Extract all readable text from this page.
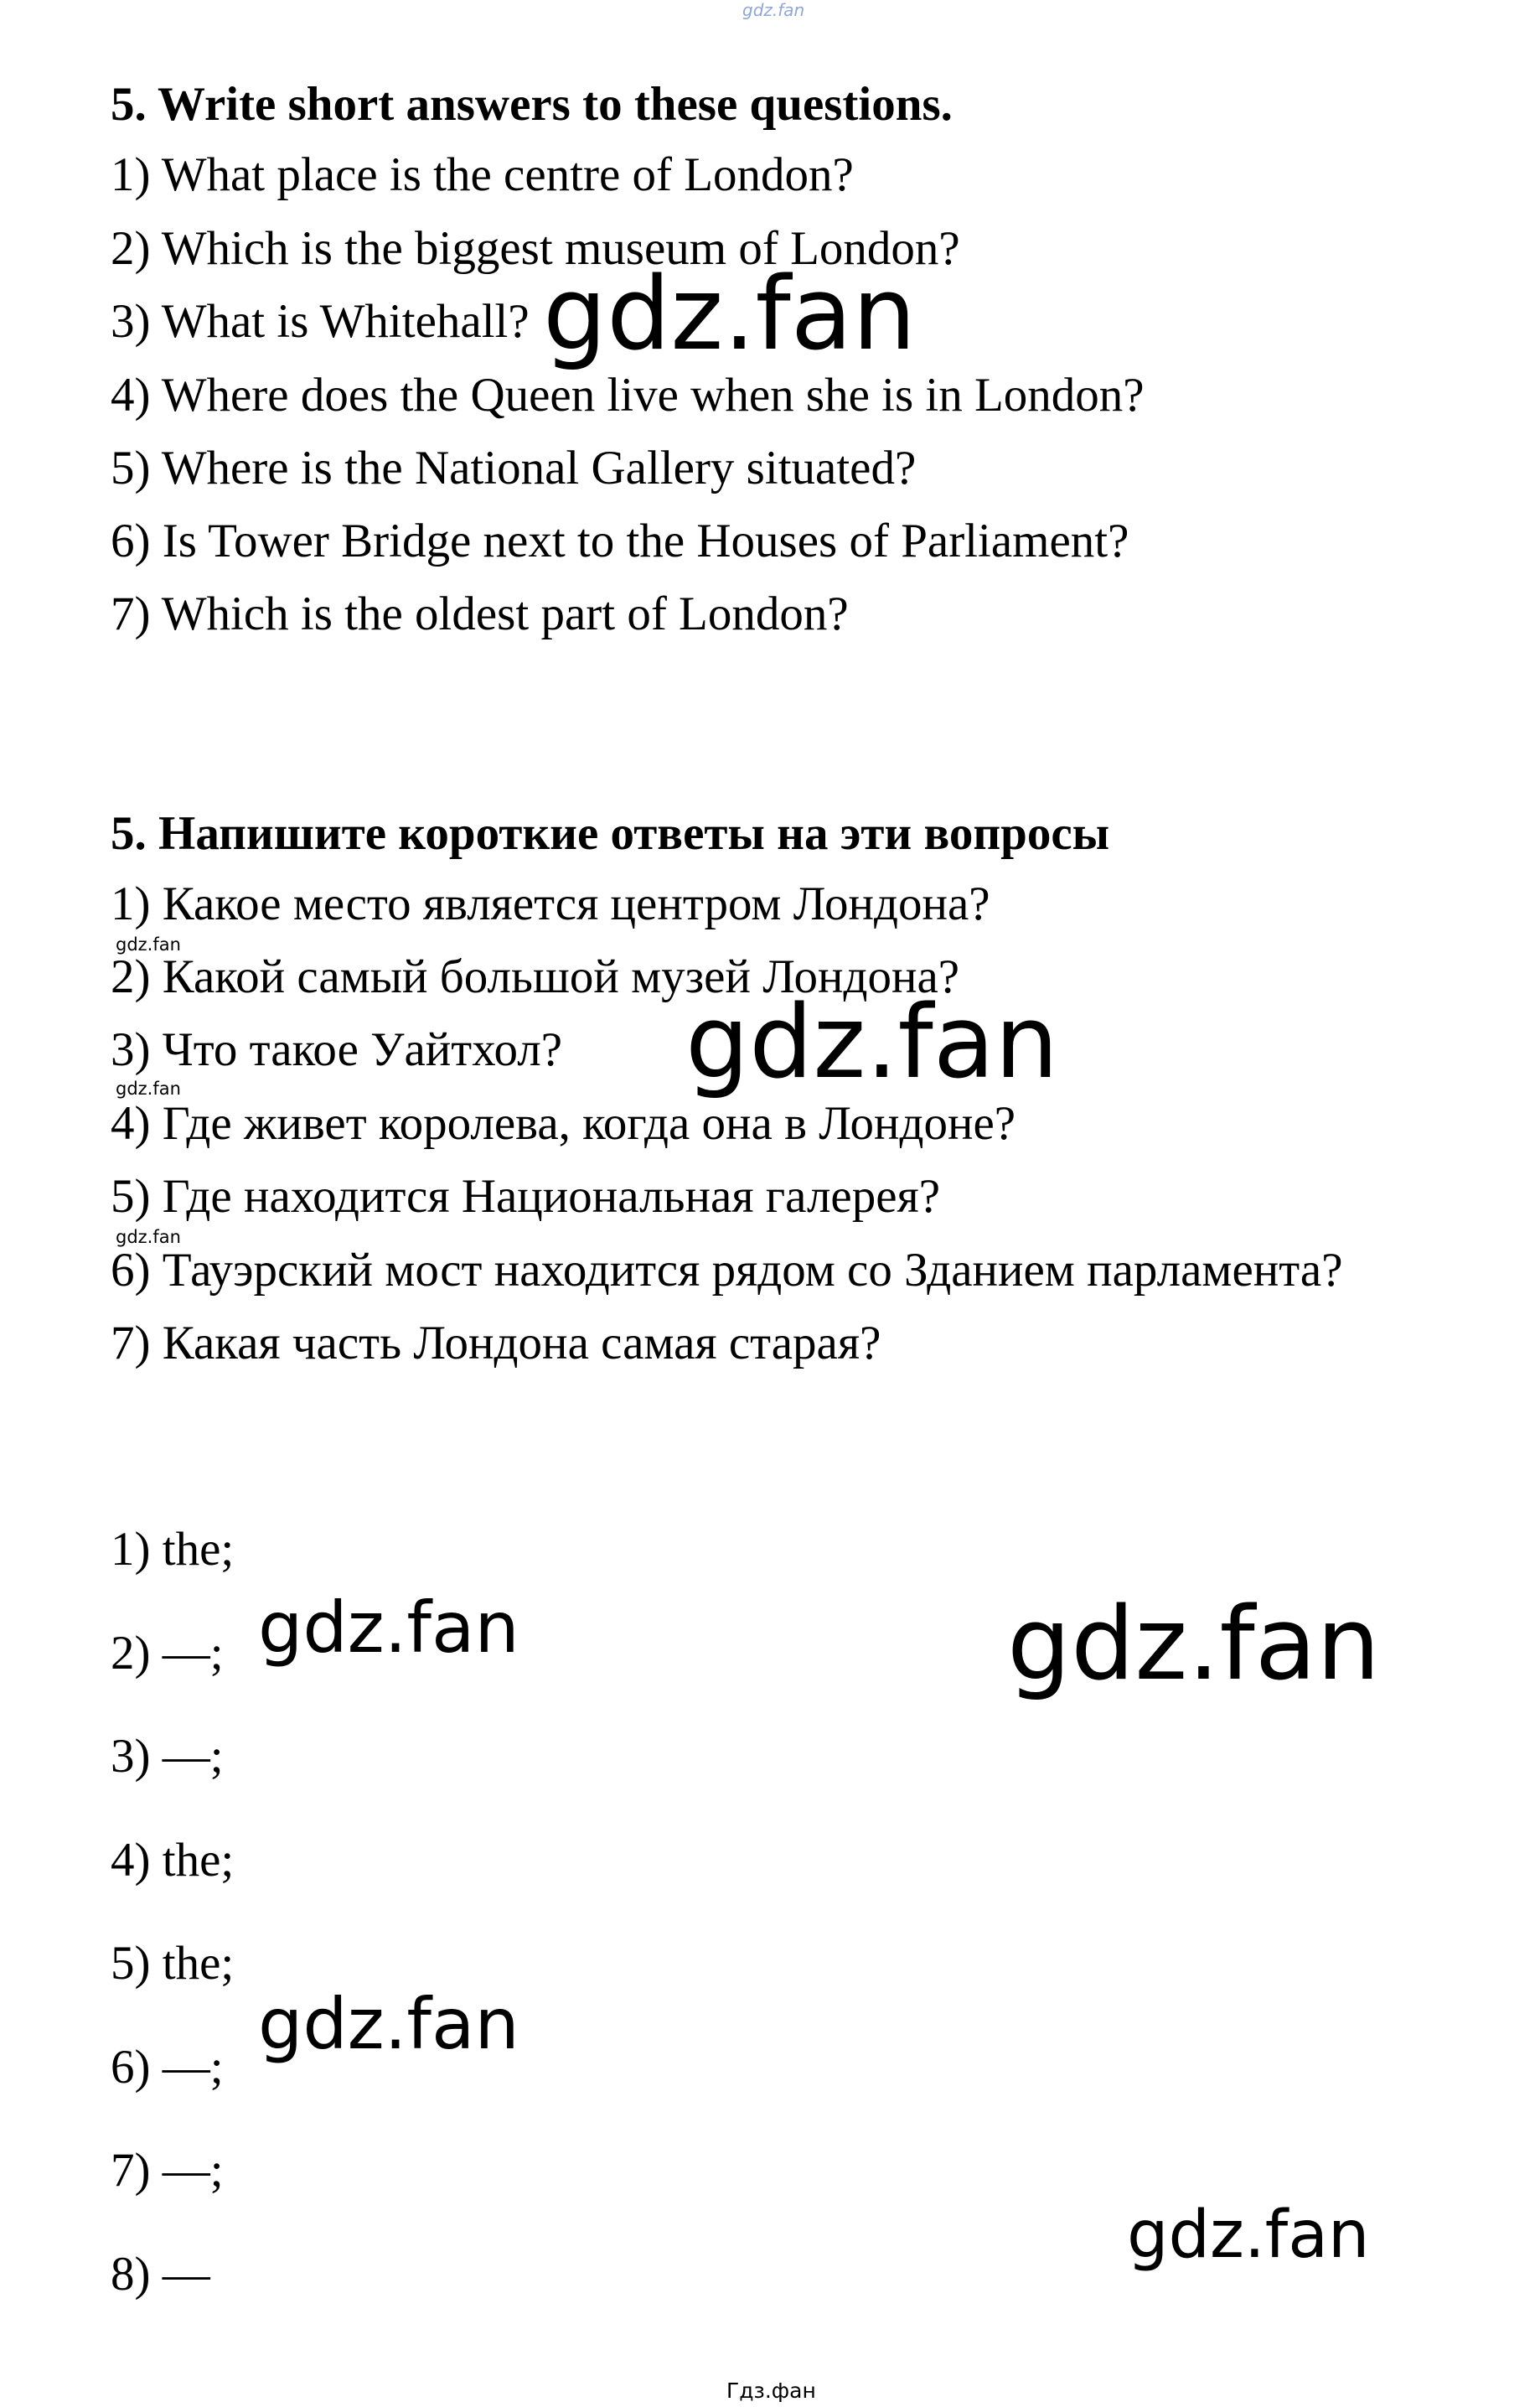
gdz.fan

5. Write short answers to these questions.

1) What place is the centre of London?

2) Which is the biggest museum of London?

3) What is Whitehall?

4) Where does the Queen live when she is in London?

5) Where is the National Gallery situated?

6) Is Tower Bridge next to the Houses of Parliament?

7) Which is the oldest part of London?

5. Напишите короткие ответы на эти вопросы

1) Какое место является центром Лондона?

2) Какой самый большой музей Лондона?

3) Что такое Уайтхол?

4) Где живет королева, когда она в Лондоне?

5) Где находится Национальная галерея?

6) Тауэрский мост находится рядом со Зданием парламента?

7) Какая часть Лондона самая старая?

1) the;

2) —;

3) —;

4) the;

5) the;

6) —;

7) —;

8) —

gdz.fan
gdz.fan
gdz.fan
gdz.fan
gdz.fan
gdz.fan
gdz.fan
gdz.fan
gdz.fan
Гдз.фан
